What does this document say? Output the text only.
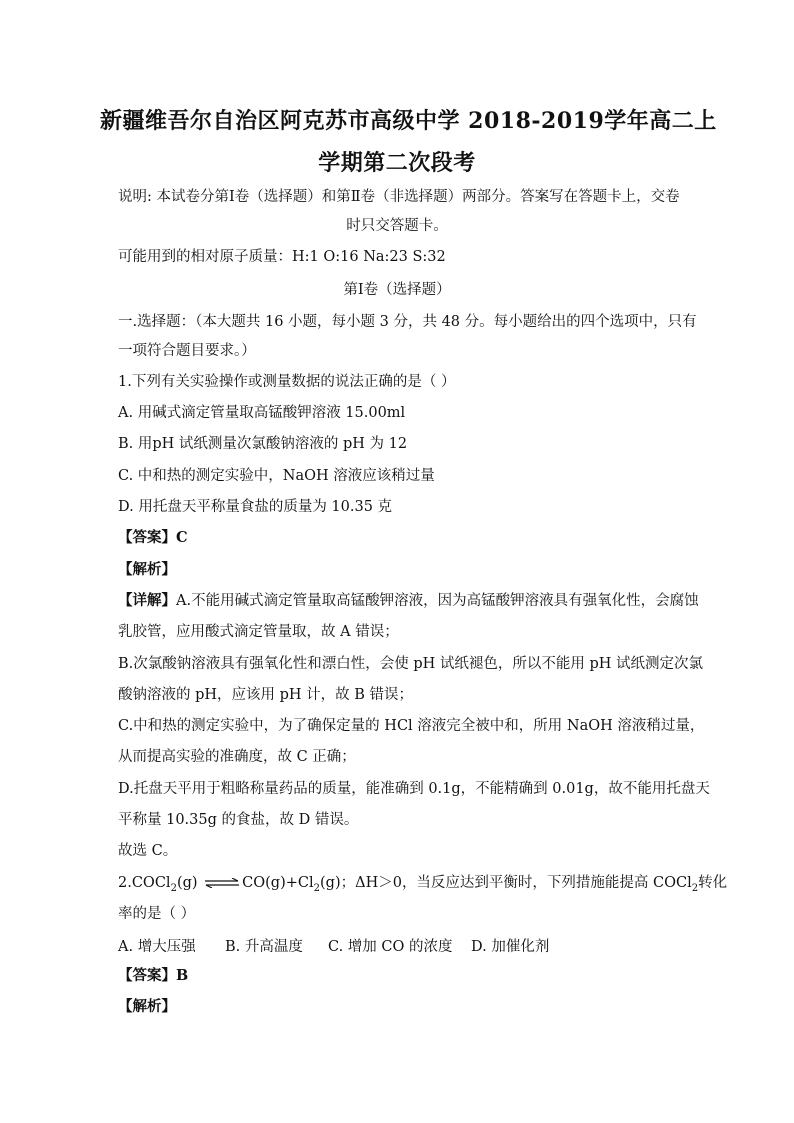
新疆维吾尔自治区阿克苏市高级中学 2018-2019学年高二上
学期第二次段考
说明: 本试卷分第Ⅰ卷（选择题）和第Ⅱ卷（非选择题）两部分。答案写在答题卡上，交卷
时只交答题卡。
可能用到的相对原子质量：H:1 O:16 Na:23 S:32
第Ⅰ卷（选择题）
一.选择题：（本大题共 16 小题，每小题 3 分，共 48 分。每小题给出的四个选项中，只有
一项符合题目要求。）
1.下列有关实验操作或测量数据的说法正确的是（ ）
A. 用碱式滴定管量取高锰酸钾溶液 15.00ml
B. 用pH 试纸测量次氯酸钠溶液的 pH 为 12
C. 中和热的测定实验中，NaOH 溶液应该稍过量
D. 用托盘天平称量食盐的质量为 10.35 克
【答案】C
【解析】
【详解】A.不能用碱式滴定管量取高锰酸钾溶液，因为高锰酸钾溶液具有强氧化性，会腐蚀
乳胶管，应用酸式滴定管量取，故 A 错误；
B.次氯酸钠溶液具有强氧化性和漂白性，会使 pH 试纸褪色，所以不能用 pH 试纸测定次氯
酸钠溶液的 pH，应该用 pH 计，故 B 错误；
C.中和热的测定实验中，为了确保定量的 HCl 溶液完全被中和，所用 NaOH 溶液稍过量，
从而提高实验的准确度，故 C 正确；
D.托盘天平用于粗略称量药品的质量，能准确到 0.1g，不能精确到 0.01g，故不能用托盘天
平称量 10.35g 的食盐，故 D 错误。
故选 C。
2.COCl$_2$(g) ⇌ $CO(g)+Cl_2(g)$；ΔH＞0，当反应达到平衡时，下列措施能提高 COCl$_2$转化
率的是（ ）
A. 增大压强 B. 升高温度 C. 增加 CO 的浓度 D. 加催化剂
【答案】B
【解析】
